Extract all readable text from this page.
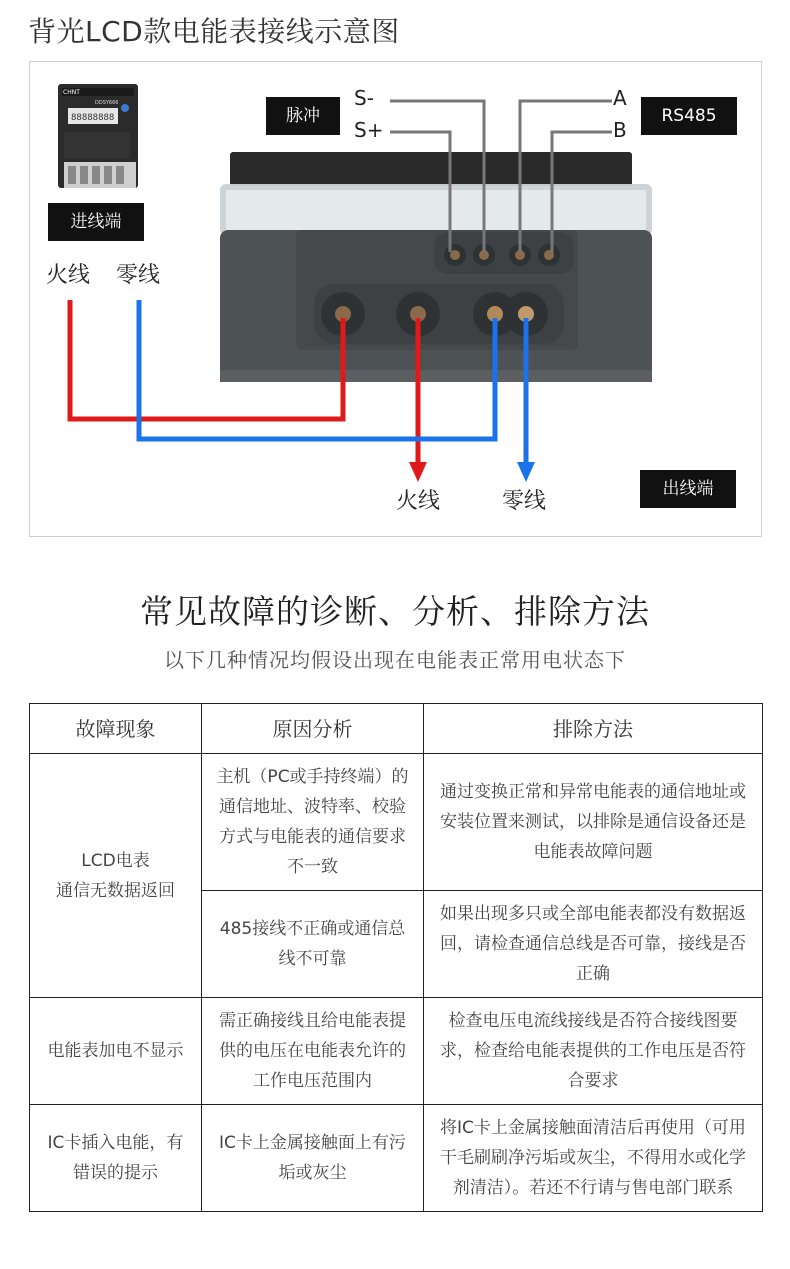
背光LCD款电能表接线示意图
CHNT
DDSY666
88888888	脉冲
S-
S+
A
B
RS485
进线端
火线 零线
火线	零线	出线端
常见故障的诊断、分析、排除方法
以下几种情况均假设出现在电能表正常用电状态下
故障现象	原因分析	排除方法
LCD电表
通信无数据返回	主机（PC或手持终端）的通信地址、波特率、校验方式与电能表的通信要求不一致	通过变换正常和异常电能表的通信地址或安装位置来测试，以排除是通信设备还是电能表故障问题
	485接线不正确或通信总线不可靠	如果出现多只或全部电能表都没有数据返回，请检查通信总线是否可靠，接线是否正确
电能表加电不显示	需正确接线且给电能表提供的电压在电能表允许的工作电压范围内	检查电压电流线接线是否符合接线图要求，检查给电能表提供的工作电压是否符合要求
IC卡插入电能，有错误的提示	IC卡上金属接触面上有污垢或灰尘	将IC卡上金属接触面清洁后再使用（可用干毛刷刷净污垢或灰尘，不得用水或化学剂清洁）。若还不行请与售电部门联系
